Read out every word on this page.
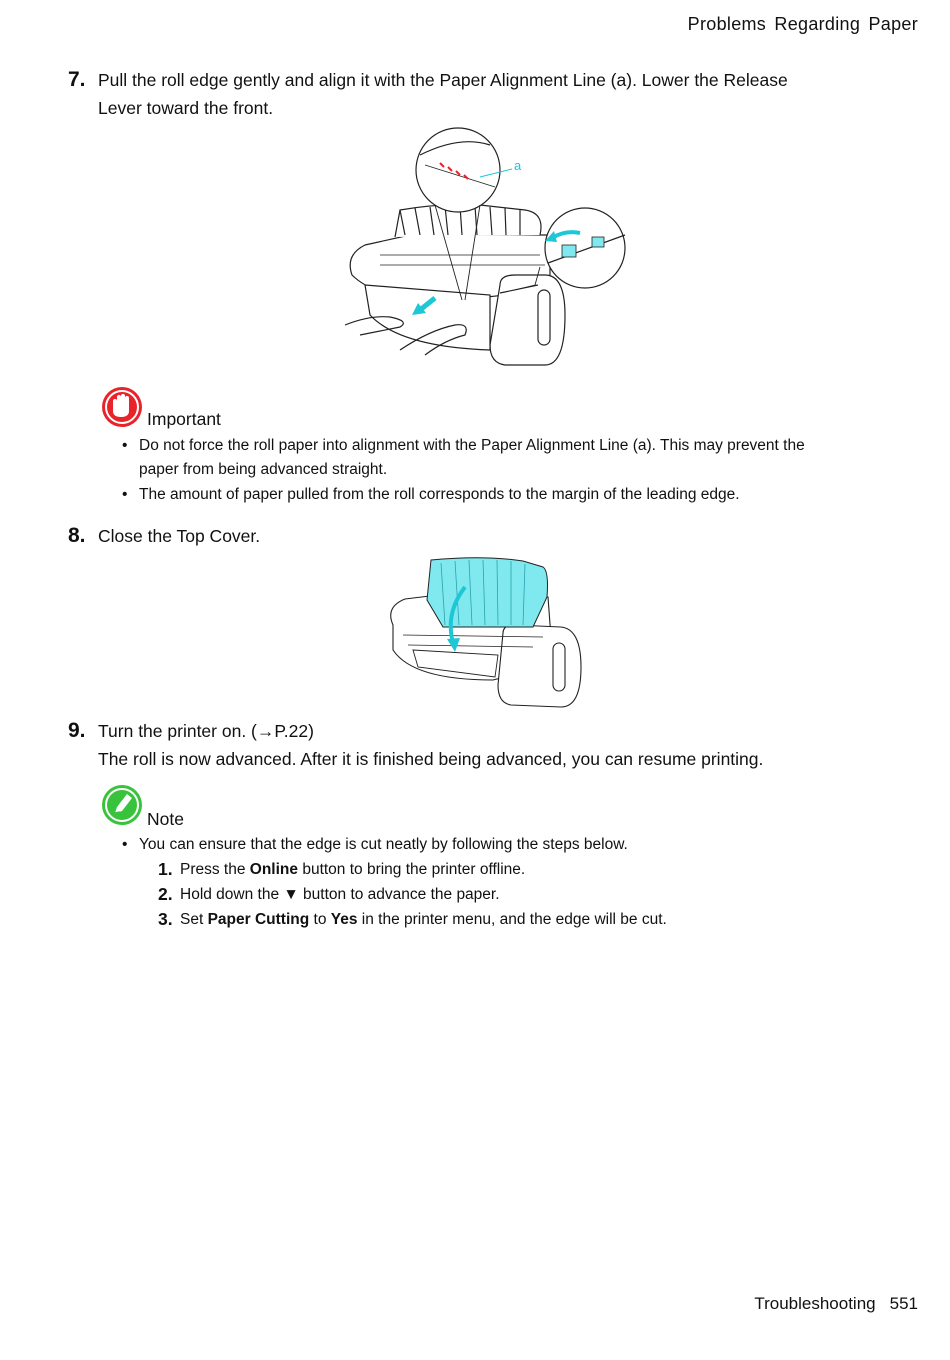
Problems Regarding Paper
7. Pull the roll edge gently and align it with the Paper Alignment Line (a). Lower the Release
Lever toward the front.
a
Important
• Do not force the roll paper into alignment with the Paper Alignment Line (a). This may prevent the
paper from being advanced straight.
• The amount of paper pulled from the roll corresponds to the margin of the leading edge.
8. Close the Top Cover.
9. Turn the printer on. (→P.22)
The roll is now advanced. After it is finished being advanced, you can resume printing.
Note
• You can ensure that the edge is cut neatly by following the steps below.
1. Press the Online button to bring the printer offline.
2. Hold down the ▼ button to advance the paper.
3. Set Paper Cutting to Yes in the printer menu, and the edge will be cut.
Troubleshooting 551
